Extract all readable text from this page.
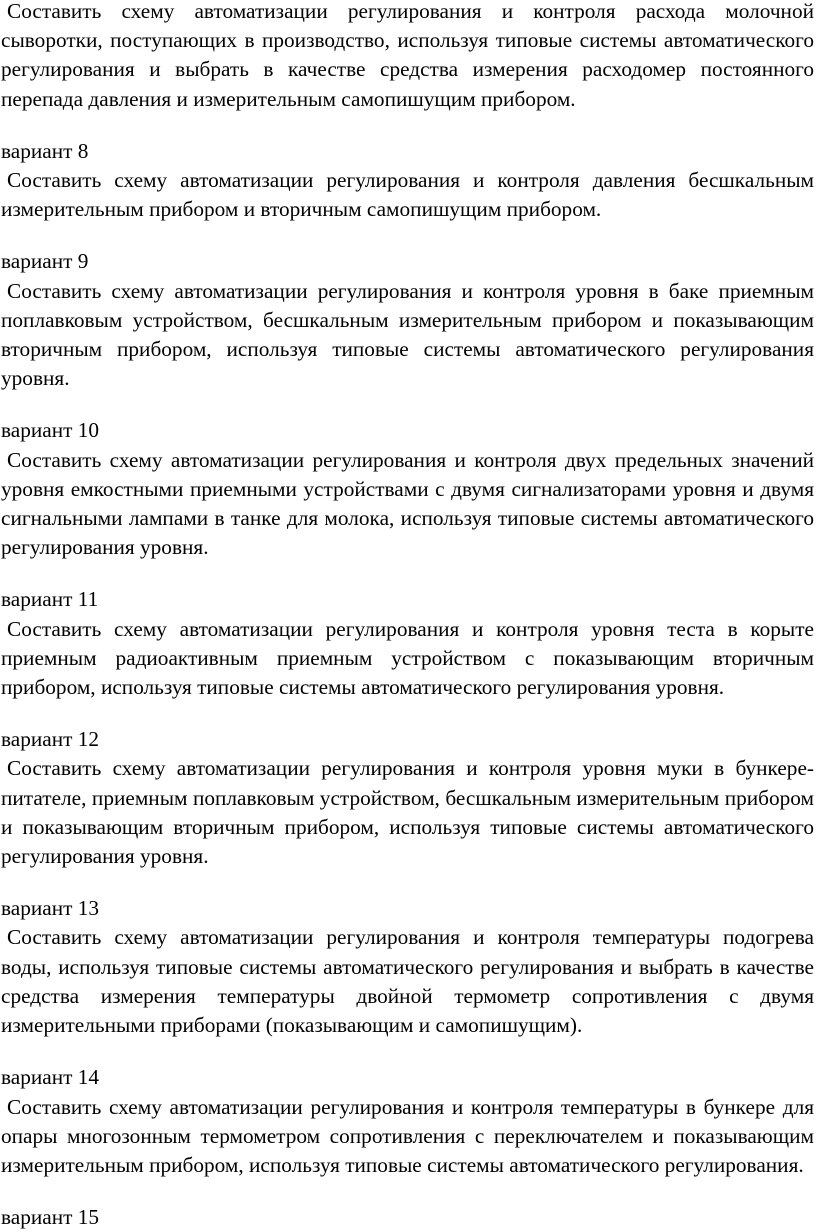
Составить схему автоматизации регулирования и контроля расхода молочной сыворотки, поступающих в производство, используя типовые системы автоматического регулирования и выбрать в качестве средства измерения расходомер постоянного перепада давления и измерительным самопишущим прибором.

вариант 8

Составить схему автоматизации регулирования и контроля давления бесшкальным измерительным прибором и вторичным самопишущим прибором.

вариант 9

Составить схему автоматизации регулирования и контроля уровня в баке приемным поплавковым устройством, бесшкальным измерительным прибором и показывающим вторичным прибором, используя типовые системы автоматического регулирования уровня.

вариант 10

Составить схему автоматизации регулирования и контроля двух предельных значений уровня емкостными приемными устройствами с двумя сигнализаторами уровня и двумя сигнальными лампами в танке для молока, используя типовые системы автоматического регулирования уровня.

вариант 11

Составить схему автоматизации регулирования и контроля уровня теста в корыте приемным радиоактивным приемным устройством с показывающим вторичным прибором, используя типовые системы автоматического регулирования уровня.

вариант 12

Составить схему автоматизации регулирования и контроля уровня муки в бункере-питателе, приемным поплавковым устройством, бесшкальным измерительным прибором и показывающим вторичным прибором, используя типовые системы автоматического регулирования уровня.

вариант 13

Составить схему автоматизации регулирования и контроля температуры подогрева воды, используя типовые системы автоматического регулирования и выбрать в качестве средства измерения температуры двойной термометр сопротивления с двумя измерительными приборами (показывающим и самопишущим).

вариант 14

Составить схему автоматизации регулирования и контроля температуры в бункере для опары многозонным термометром сопротивления с переключателем и показывающим измерительным прибором, используя типовые системы автоматического регулирования.

вариант 15
